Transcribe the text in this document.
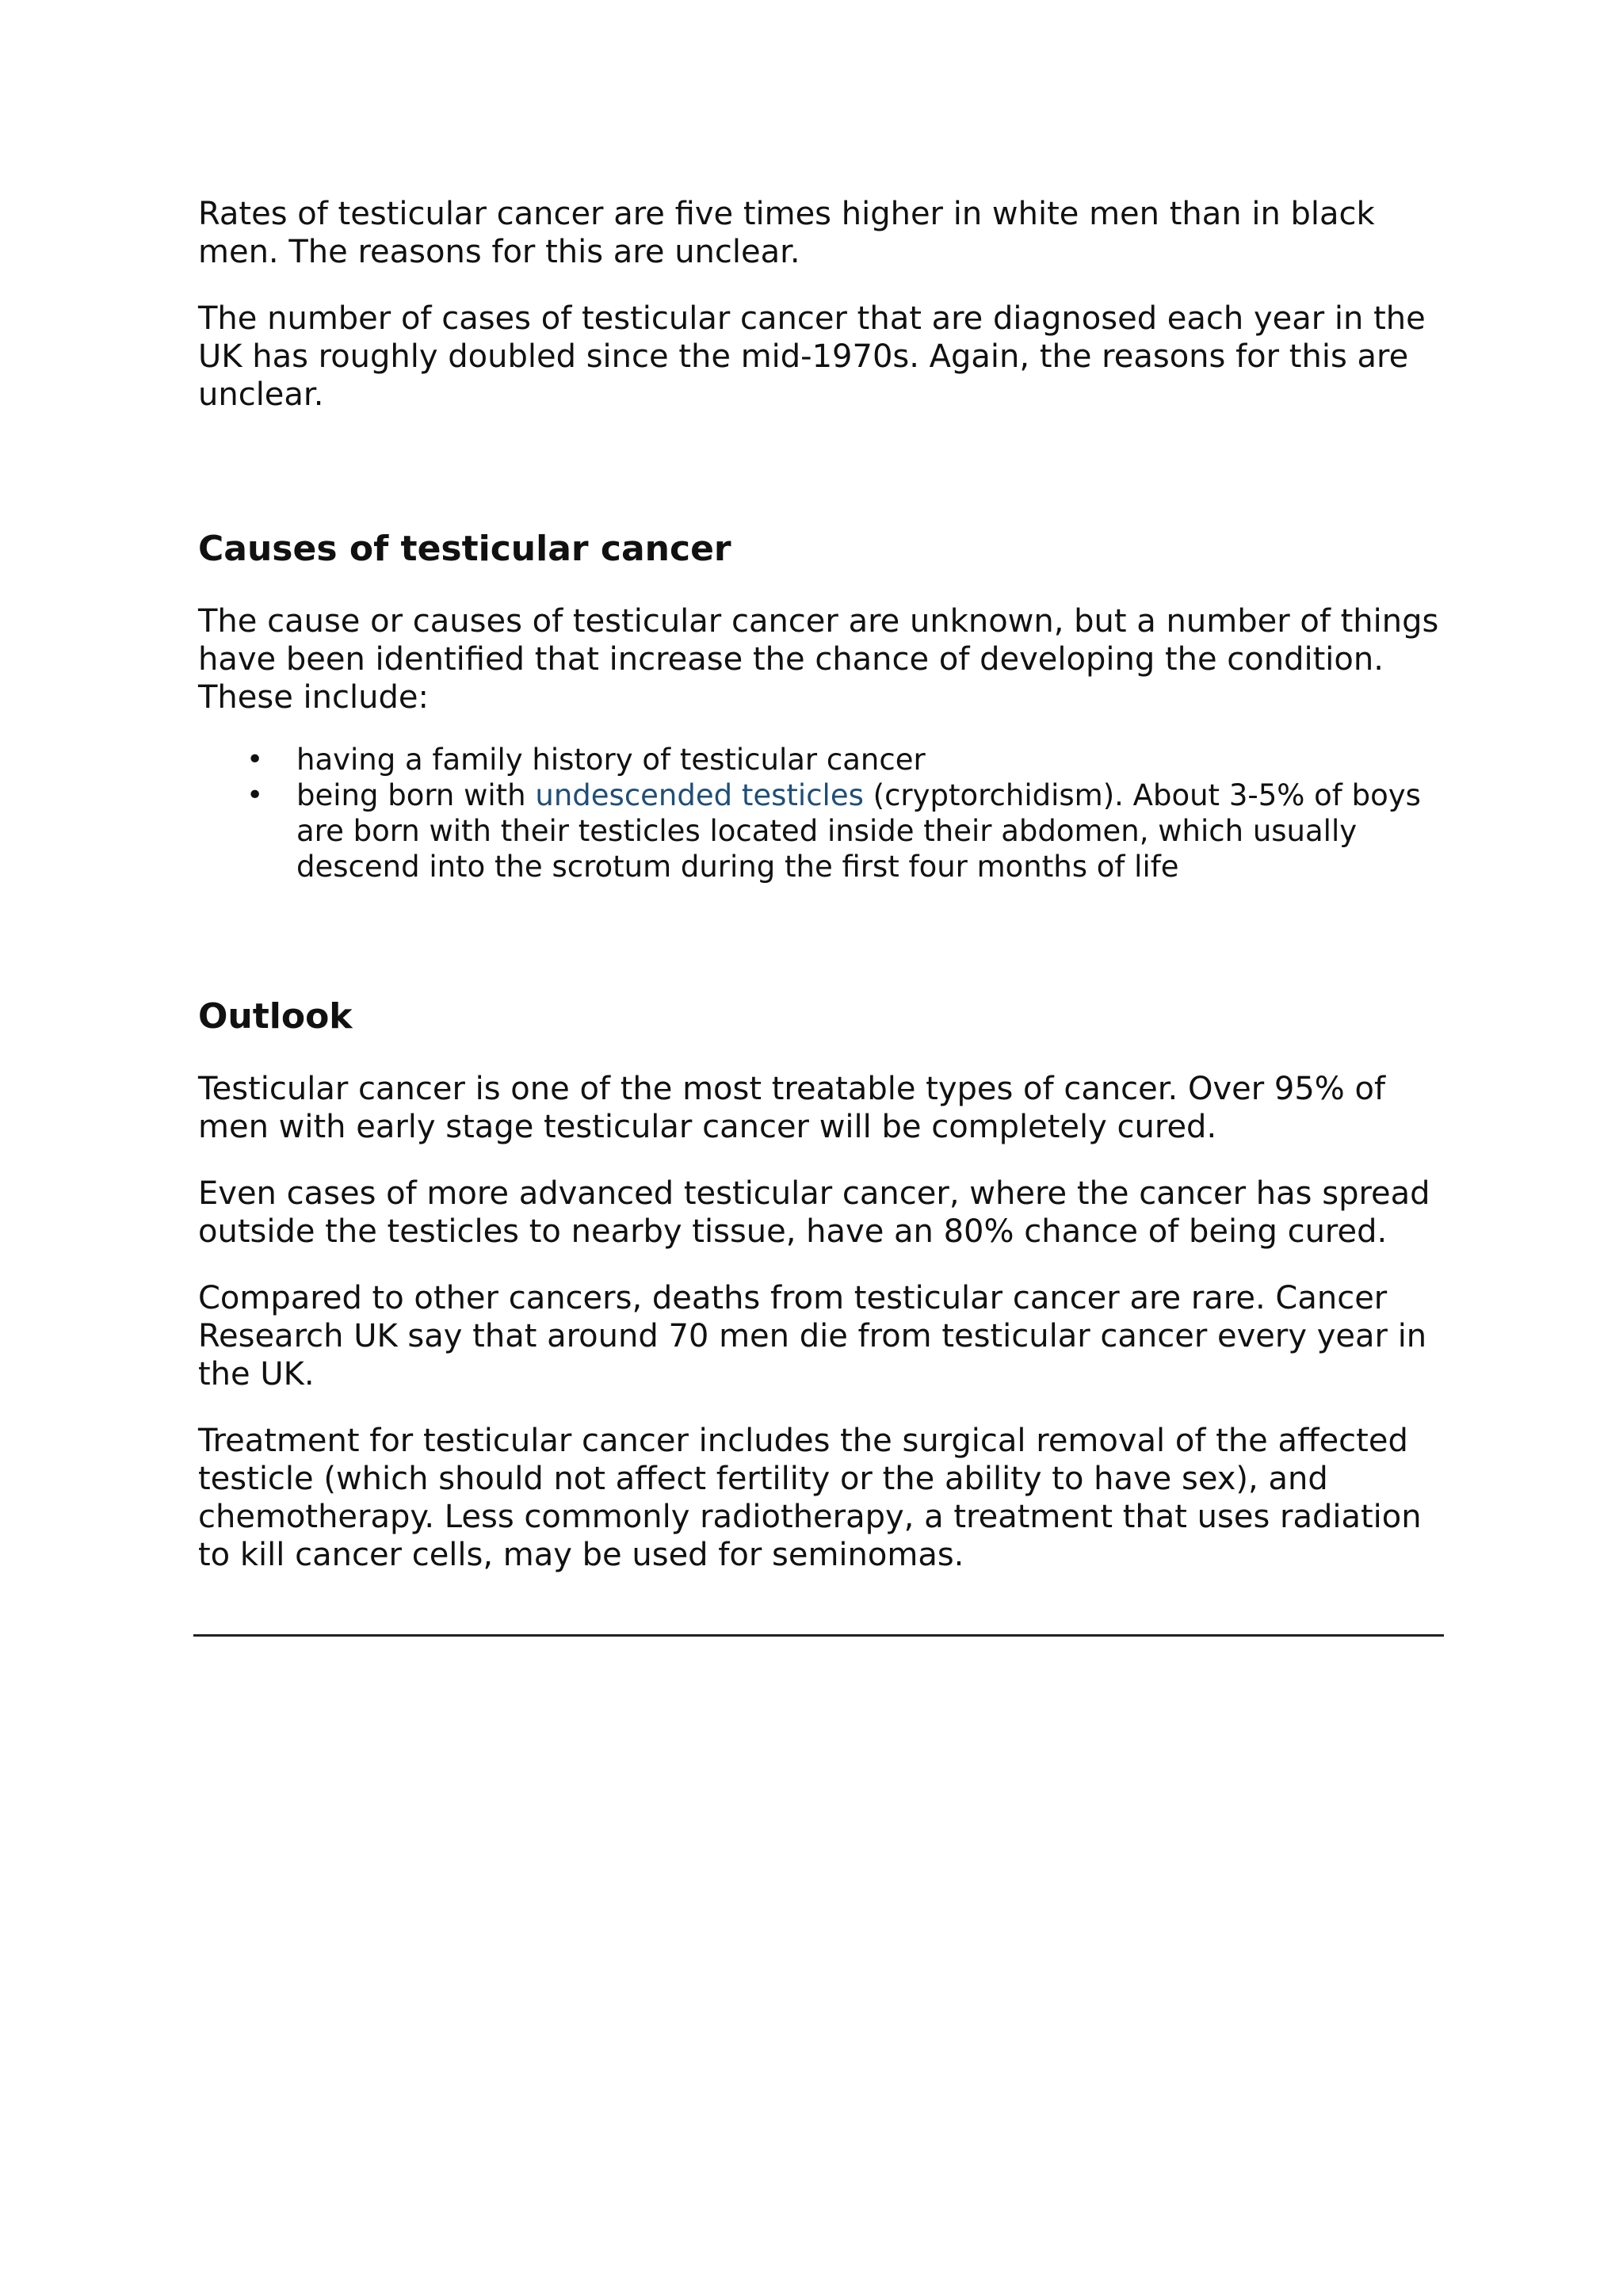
Rates of testicular cancer are five times higher in white men than in black men. The reasons for this are unclear.

The number of cases of testicular cancer that are diagnosed each year in the UK has roughly doubled since the mid-1970s. Again, the reasons for this are unclear.

Causes of testicular cancer

The cause or causes of testicular cancer are unknown, but a number of things have been identified that increase the chance of developing the condition. These include:

• having a family history of testicular cancer
• being born with undescended testicles (cryptorchidism). About 3-5% of boys are born with their testicles located inside their abdomen, which usually descend into the scrotum during the first four months of life
Outlook

Testicular cancer is one of the most treatable types of cancer. Over 95% of men with early stage testicular cancer will be completely cured.

Even cases of more advanced testicular cancer, where the cancer has spread outside the testicles to nearby tissue, have an 80% chance of being cured.

Compared to other cancers, deaths from testicular cancer are rare. Cancer Research UK say that around 70 men die from testicular cancer every year in the UK.

Treatment for testicular cancer includes the surgical removal of the affected testicle (which should not affect fertility or the ability to have sex), and chemotherapy. Less commonly radiotherapy, a treatment that uses radiation to kill cancer cells, may be used for seminomas.
